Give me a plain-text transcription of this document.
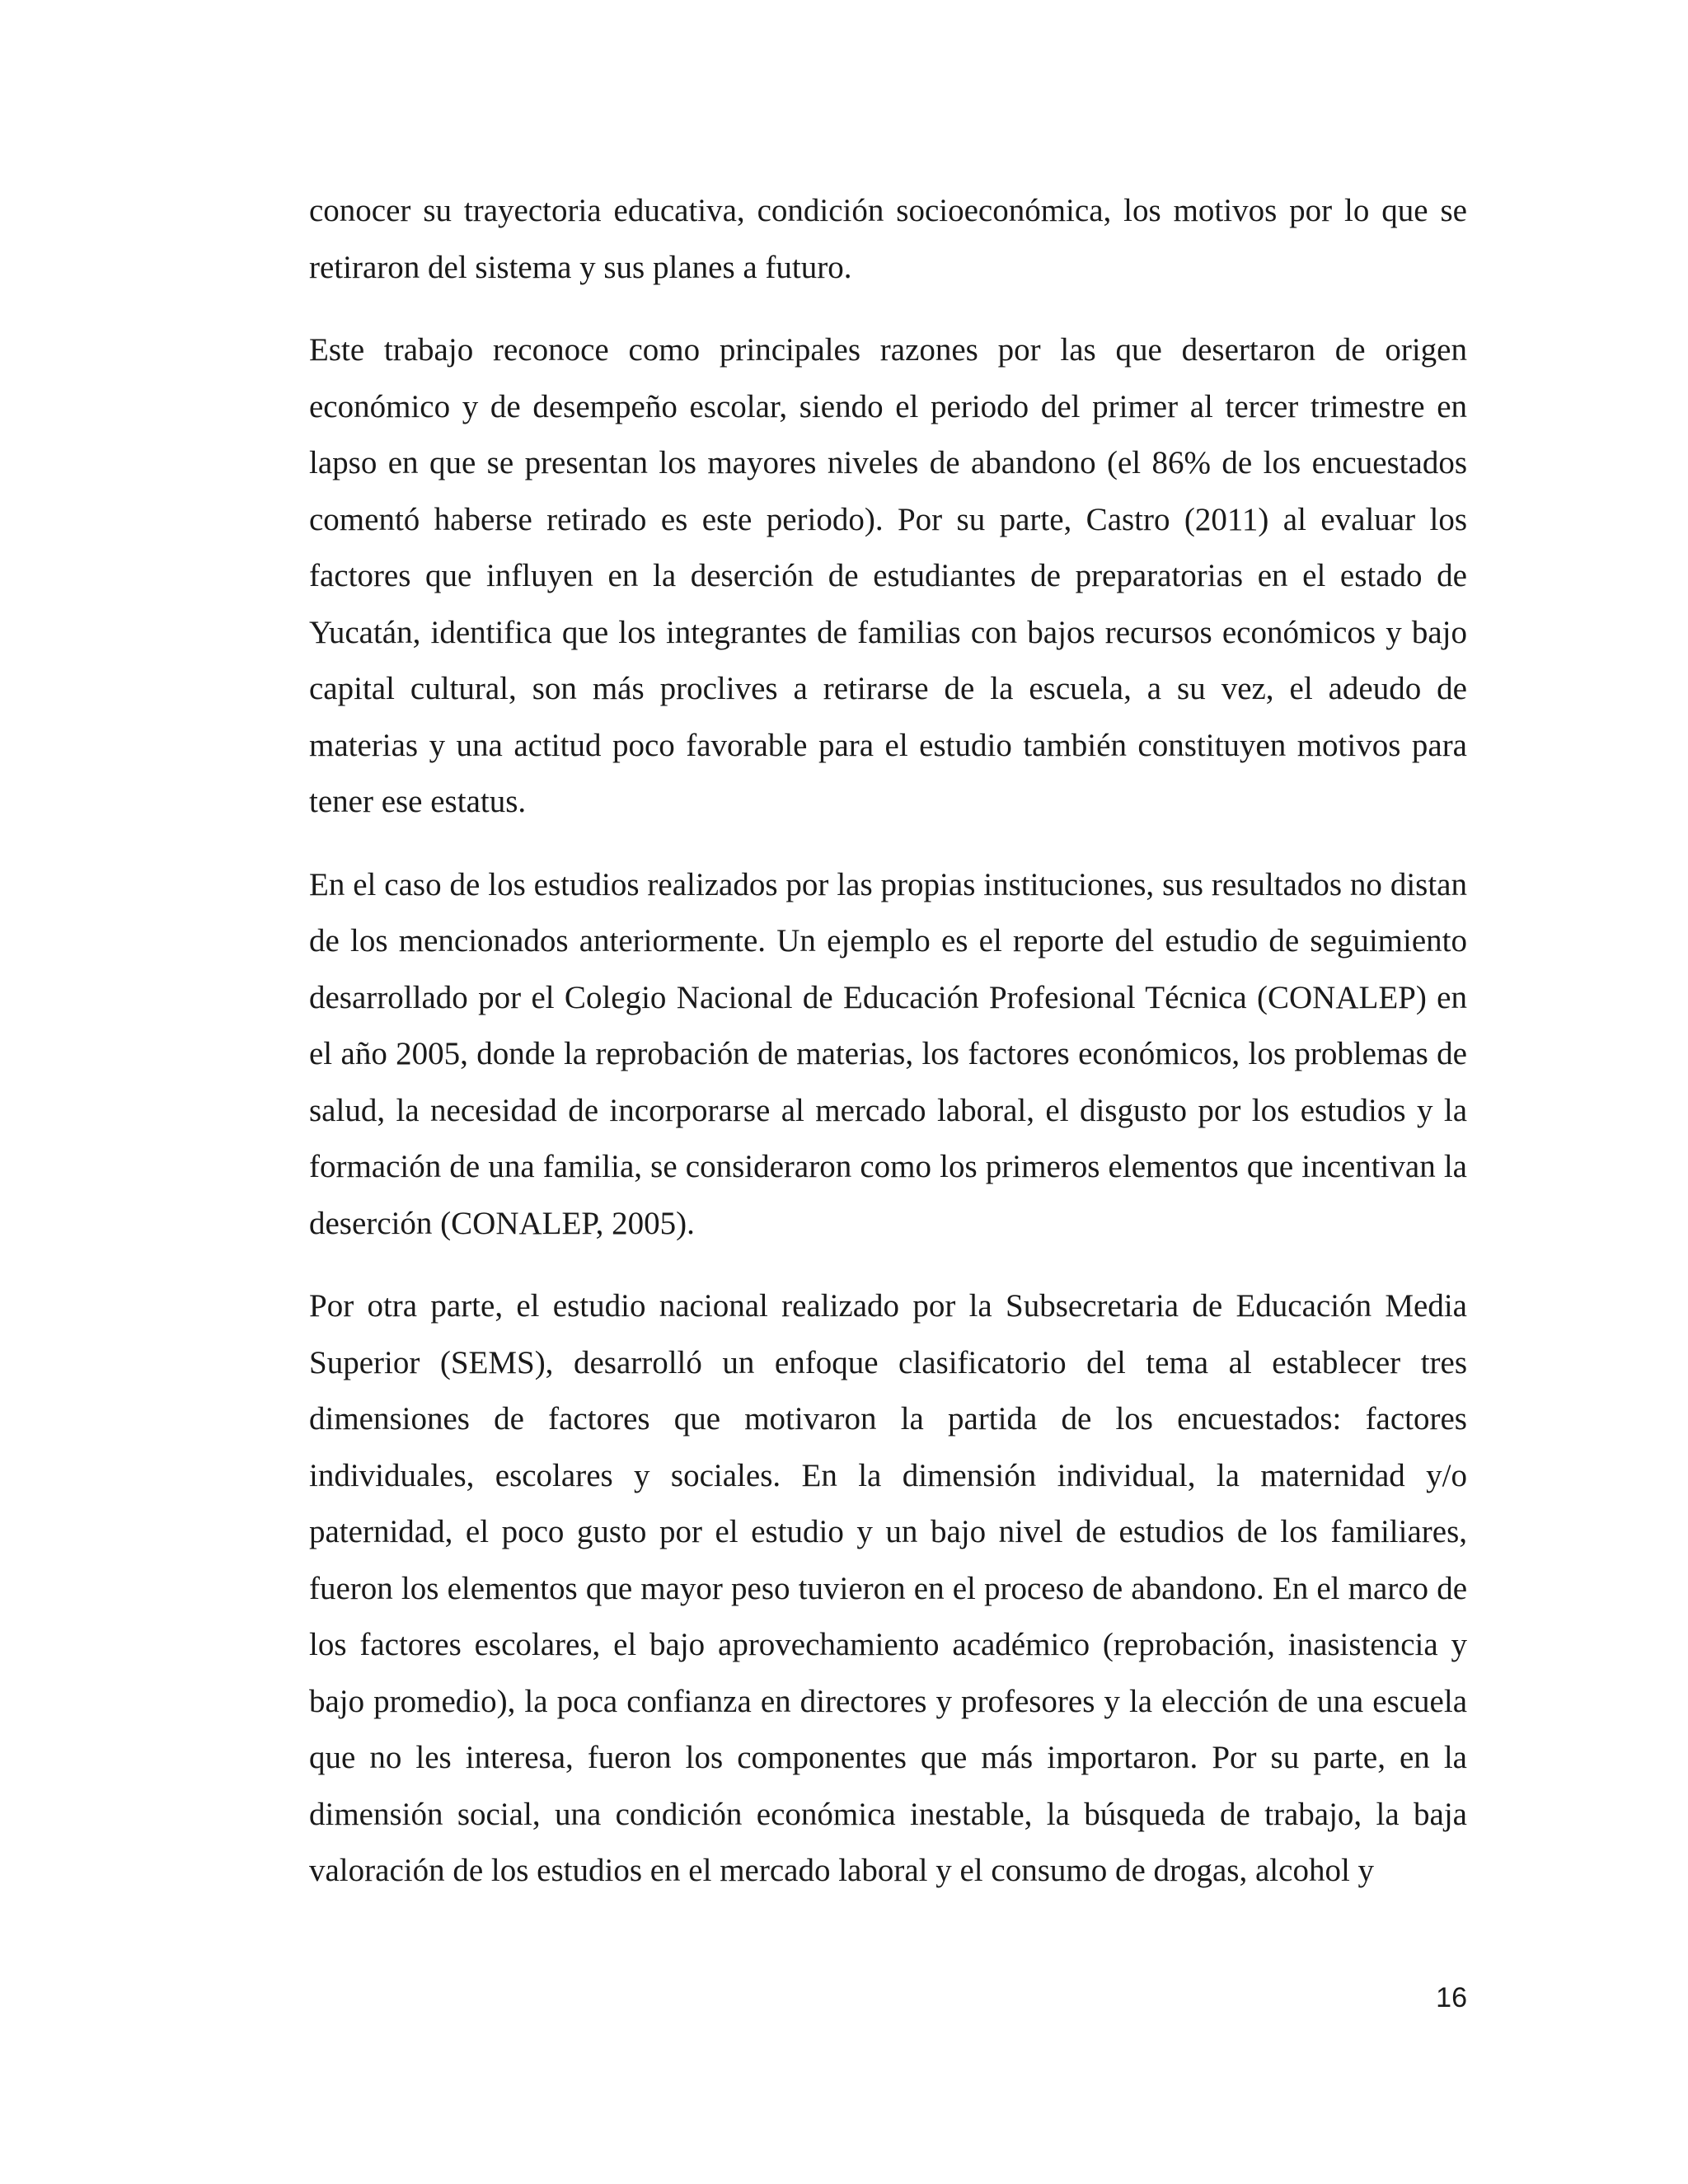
conocer su trayectoria educativa, condición socioeconómica, los motivos por lo que se retiraron del sistema y sus planes a futuro.

Este trabajo reconoce como principales razones por las que desertaron de origen económico y de desempeño escolar, siendo el periodo del primer al tercer trimestre en lapso en que se presentan los mayores niveles de abandono (el 86% de los encuestados comentó haberse retirado es este periodo). Por su parte, Castro (2011) al evaluar los factores que influyen en la deserción de estudiantes de preparatorias en el estado de Yucatán, identifica que los integrantes de familias con bajos recursos económicos y bajo capital cultural, son más proclives a retirarse de la escuela, a su vez, el adeudo de materias y una actitud poco favorable para el estudio también constituyen motivos para tener ese estatus.

En el caso de los estudios realizados por las propias instituciones, sus resultados no distan de los mencionados anteriormente. Un ejemplo es el reporte del estudio de seguimiento desarrollado por el Colegio Nacional de Educación Profesional Técnica (CONALEP) en el año 2005, donde la reprobación de materias, los factores económicos, los problemas de salud, la necesidad de incorporarse al mercado laboral, el disgusto por los estudios y la formación de una familia, se consideraron como los primeros elementos que incentivan la deserción (CONALEP, 2005).

Por otra parte, el estudio nacional realizado por la Subsecretaria de Educación Media Superior (SEMS), desarrolló un enfoque clasificatorio del tema al establecer tres dimensiones de factores que motivaron la partida de los encuestados: factores individuales, escolares y sociales. En la dimensión individual, la maternidad y/o paternidad, el poco gusto por el estudio y un bajo nivel de estudios de los familiares, fueron los elementos que mayor peso tuvieron en el proceso de abandono. En el marco de los factores escolares, el bajo aprovechamiento académico (reprobación, inasistencia y bajo promedio), la poca confianza en directores y profesores y la elección de una escuela que no les interesa, fueron los componentes que más importaron. Por su parte, en la dimensión social, una condición económica inestable, la búsqueda de trabajo, la baja valoración de los estudios en el mercado laboral y el consumo de drogas, alcohol y

16
